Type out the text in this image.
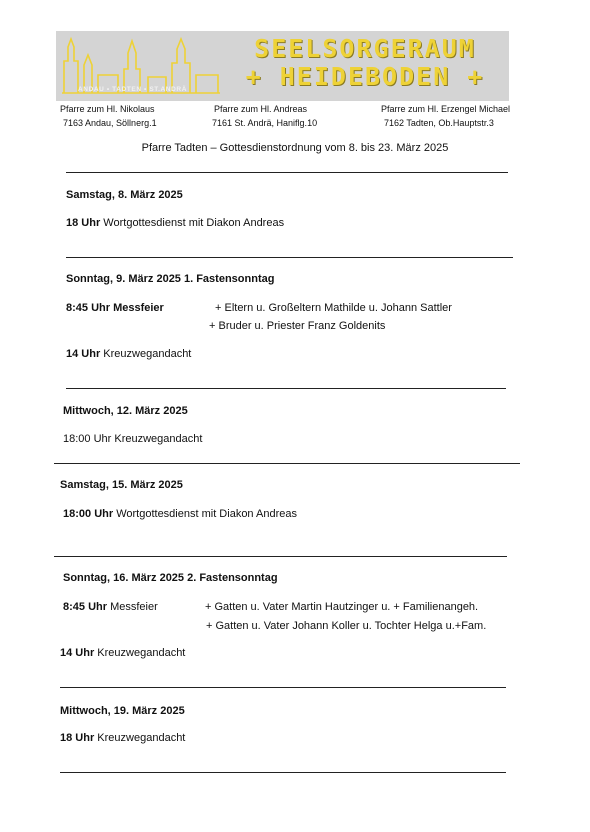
SEELSORGERAUM
+ HEIDEBODEN +
ANDAU • TADTEN • ST.ANDRÄ
Pfarre zum Hl. Nikolaus
7163 Andau, Söllnerg.1
Pfarre zum Hl. Andreas
7161 St. Andrä, Haniflg.10
Pfarre zum Hl. Erzengel Michael
7162 Tadten, Ob.Hauptstr.3
Pfarre Tadten – Gottesdienstordnung vom 8. bis 23. März 2025
Samstag, 8. März 2025
18 Uhr Wortgottesdienst mit Diakon Andreas
Sonntag, 9. März 2025 1. Fastensonntag
8:45 Uhr Messfeier	+ Eltern u. Großeltern Mathilde u. Johann Sattler
+ Bruder u. Priester Franz Goldenits
14 Uhr Kreuzwegandacht
Mittwoch, 12. März 2025
18:00 Uhr Kreuzwegandacht
Samstag, 15. März 2025
18:00 Uhr Wortgottesdienst mit Diakon Andreas
Sonntag, 16. März 2025 2. Fastensonntag
8:45 Uhr Messfeier	+ Gatten u. Vater Martin Hautzinger u. + Familienangeh.
+ Gatten u. Vater Johann Koller u. Tochter Helga u.+Fam.
14 Uhr Kreuzwegandacht
Mittwoch, 19. März 2025
18 Uhr Kreuzwegandacht
